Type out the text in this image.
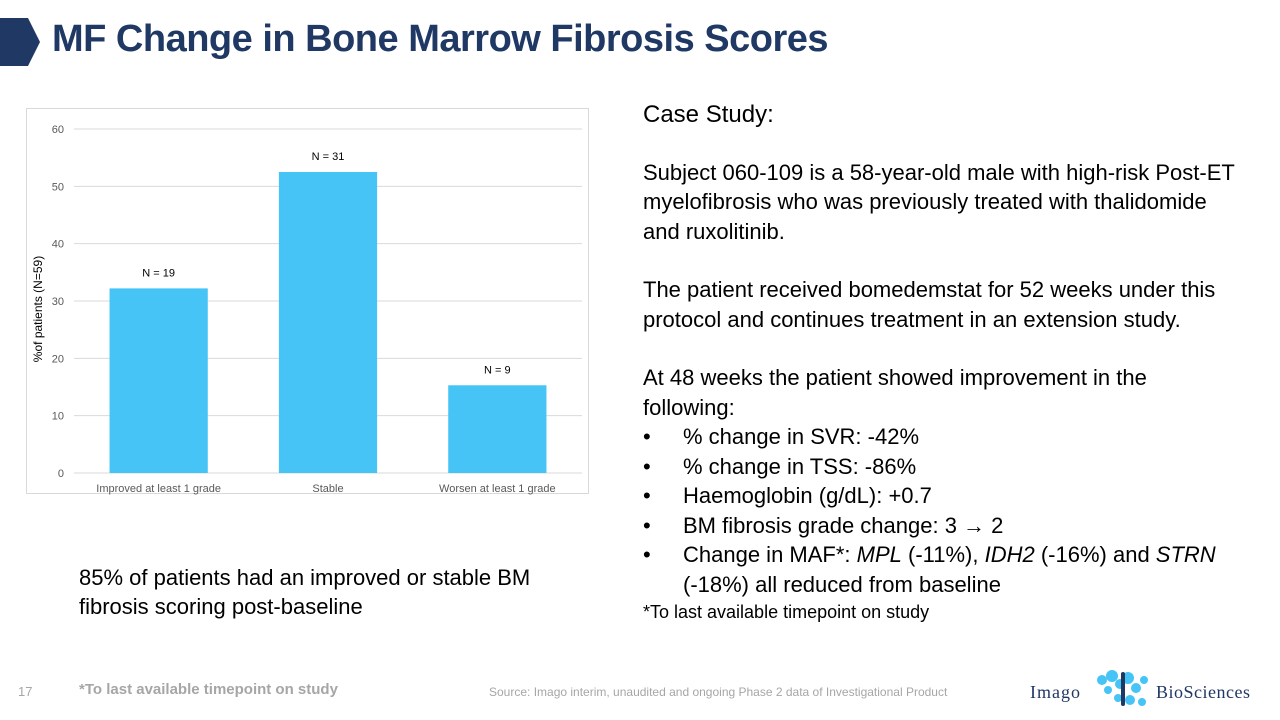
MF Change in Bone Marrow Fibrosis Scores
0
10
20
30
40
50
60
N = 19
Improved at least 1 grade
N = 31
Stable
N = 9
Worsen at least 1 grade
%of patients (N=59)
Case Study:

Subject 060-109 is a 58-year-old male with high-risk Post-ET myelofibrosis who was previously treated with thalidomide and ruxolitinib.

The patient received bomedemstat for 52 weeks under this protocol and continues treatment in an extension study.

At 48 weeks the patient showed improvement in the following:

• % change in SVR: -42%
• % change in TSS: -86%
• Haemoglobin (g/dL): +0.7
• BM fibrosis grade change: 3 → 2
• Change in MAF*: MPL (-11%), IDH2 (-16%) and STRN (-18%) all reduced from baseline

*To last available timepoint on study

85% of patients had an improved or stable BM fibrosis scoring post-baseline
17	*To last available timepoint on study	Source: Imago interim, unaudited and ongoing Phase 2 data of Investigational Product	Imago	BioSciences
